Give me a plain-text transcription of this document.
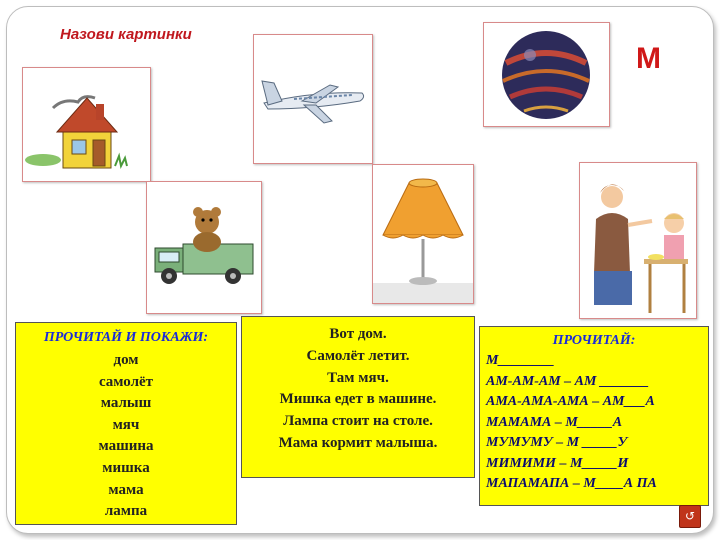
Назови картинки
М
ПРОЧИТАЙ И ПОКАЖИ:
дом
самолёт
малыш
мяч
машина
мишка
мама
лампа
Вот дом.
Самолёт летит.
Там мяч.
Мишка едет в машине.
Лампа стоит на столе.
Мама кормит малыша.
ПРОЧИТАЙ:
М________
АМ-АМ-АМ – АМ _______
АМА-АМА-АМА – АМ___А
МАМАМА – М_____А
МУМУМУ – М _____У
МИМИМИ – М_____И
МАПАМАПА – М____А ПА
↺
